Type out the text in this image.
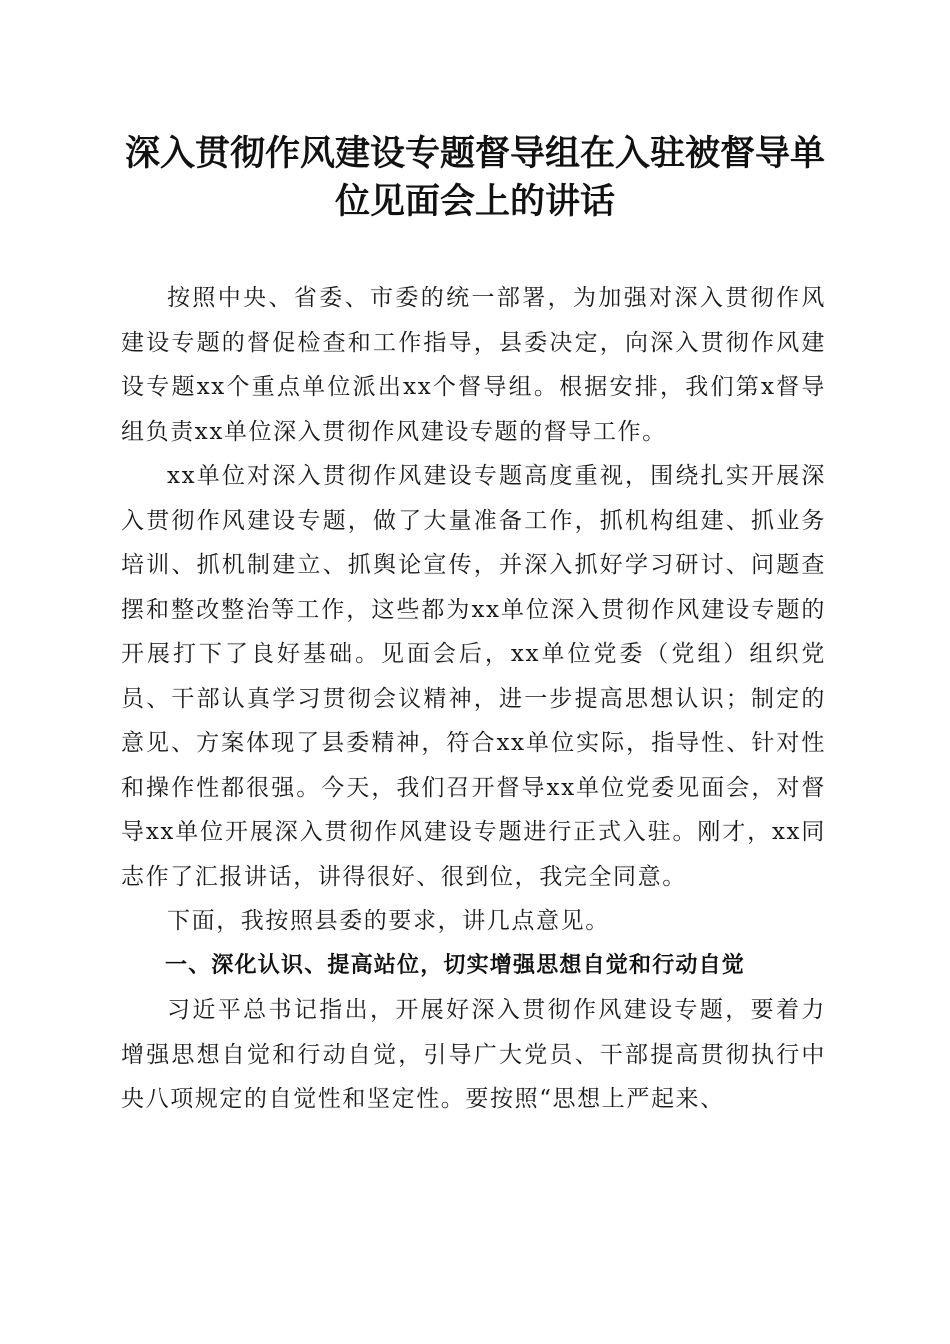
深入贯彻作风建设专题督导组在入驻被督导单位见面会上的讲话

按照中央、省委、市委的统一部署，为加强对深入贯彻作风建设专题的督促检查和工作指导，县委决定，向深入贯彻作风建设专题xx个重点单位派出xx个督导组。根据安排，我们第x督导组负责xx单位深入贯彻作风建设专题的督导工作。

xx单位对深入贯彻作风建设专题高度重视，围绕扎实开展深入贯彻作风建设专题，做了大量准备工作，抓机构组建、抓业务培训、抓机制建立、抓舆论宣传，并深入抓好学习研讨、问题查摆和整改整治等工作，这些都为xx单位深入贯彻作风建设专题的开展打下了良好基础。见面会后，xx单位党委（党组）组织党员、干部认真学习贯彻会议精神，进一步提高思想认识；制定的意见、方案体现了县委精神，符合xx单位实际，指导性、针对性和操作性都很强。今天，我们召开督导xx单位党委见面会，对督导xx单位开展深入贯彻作风建设专题进行正式入驻。刚才，xx同志作了汇报讲话，讲得很好、很到位，我完全同意。

下面，我按照县委的要求，讲几点意见。

一、深化认识、提高站位，切实增强思想自觉和行动自觉

习近平总书记指出，开展好深入贯彻作风建设专题，要着力增强思想自觉和行动自觉，引导广大党员、干部提高贯彻执行中央八项规定的自觉性和坚定性。要按照“思想上严起来、
